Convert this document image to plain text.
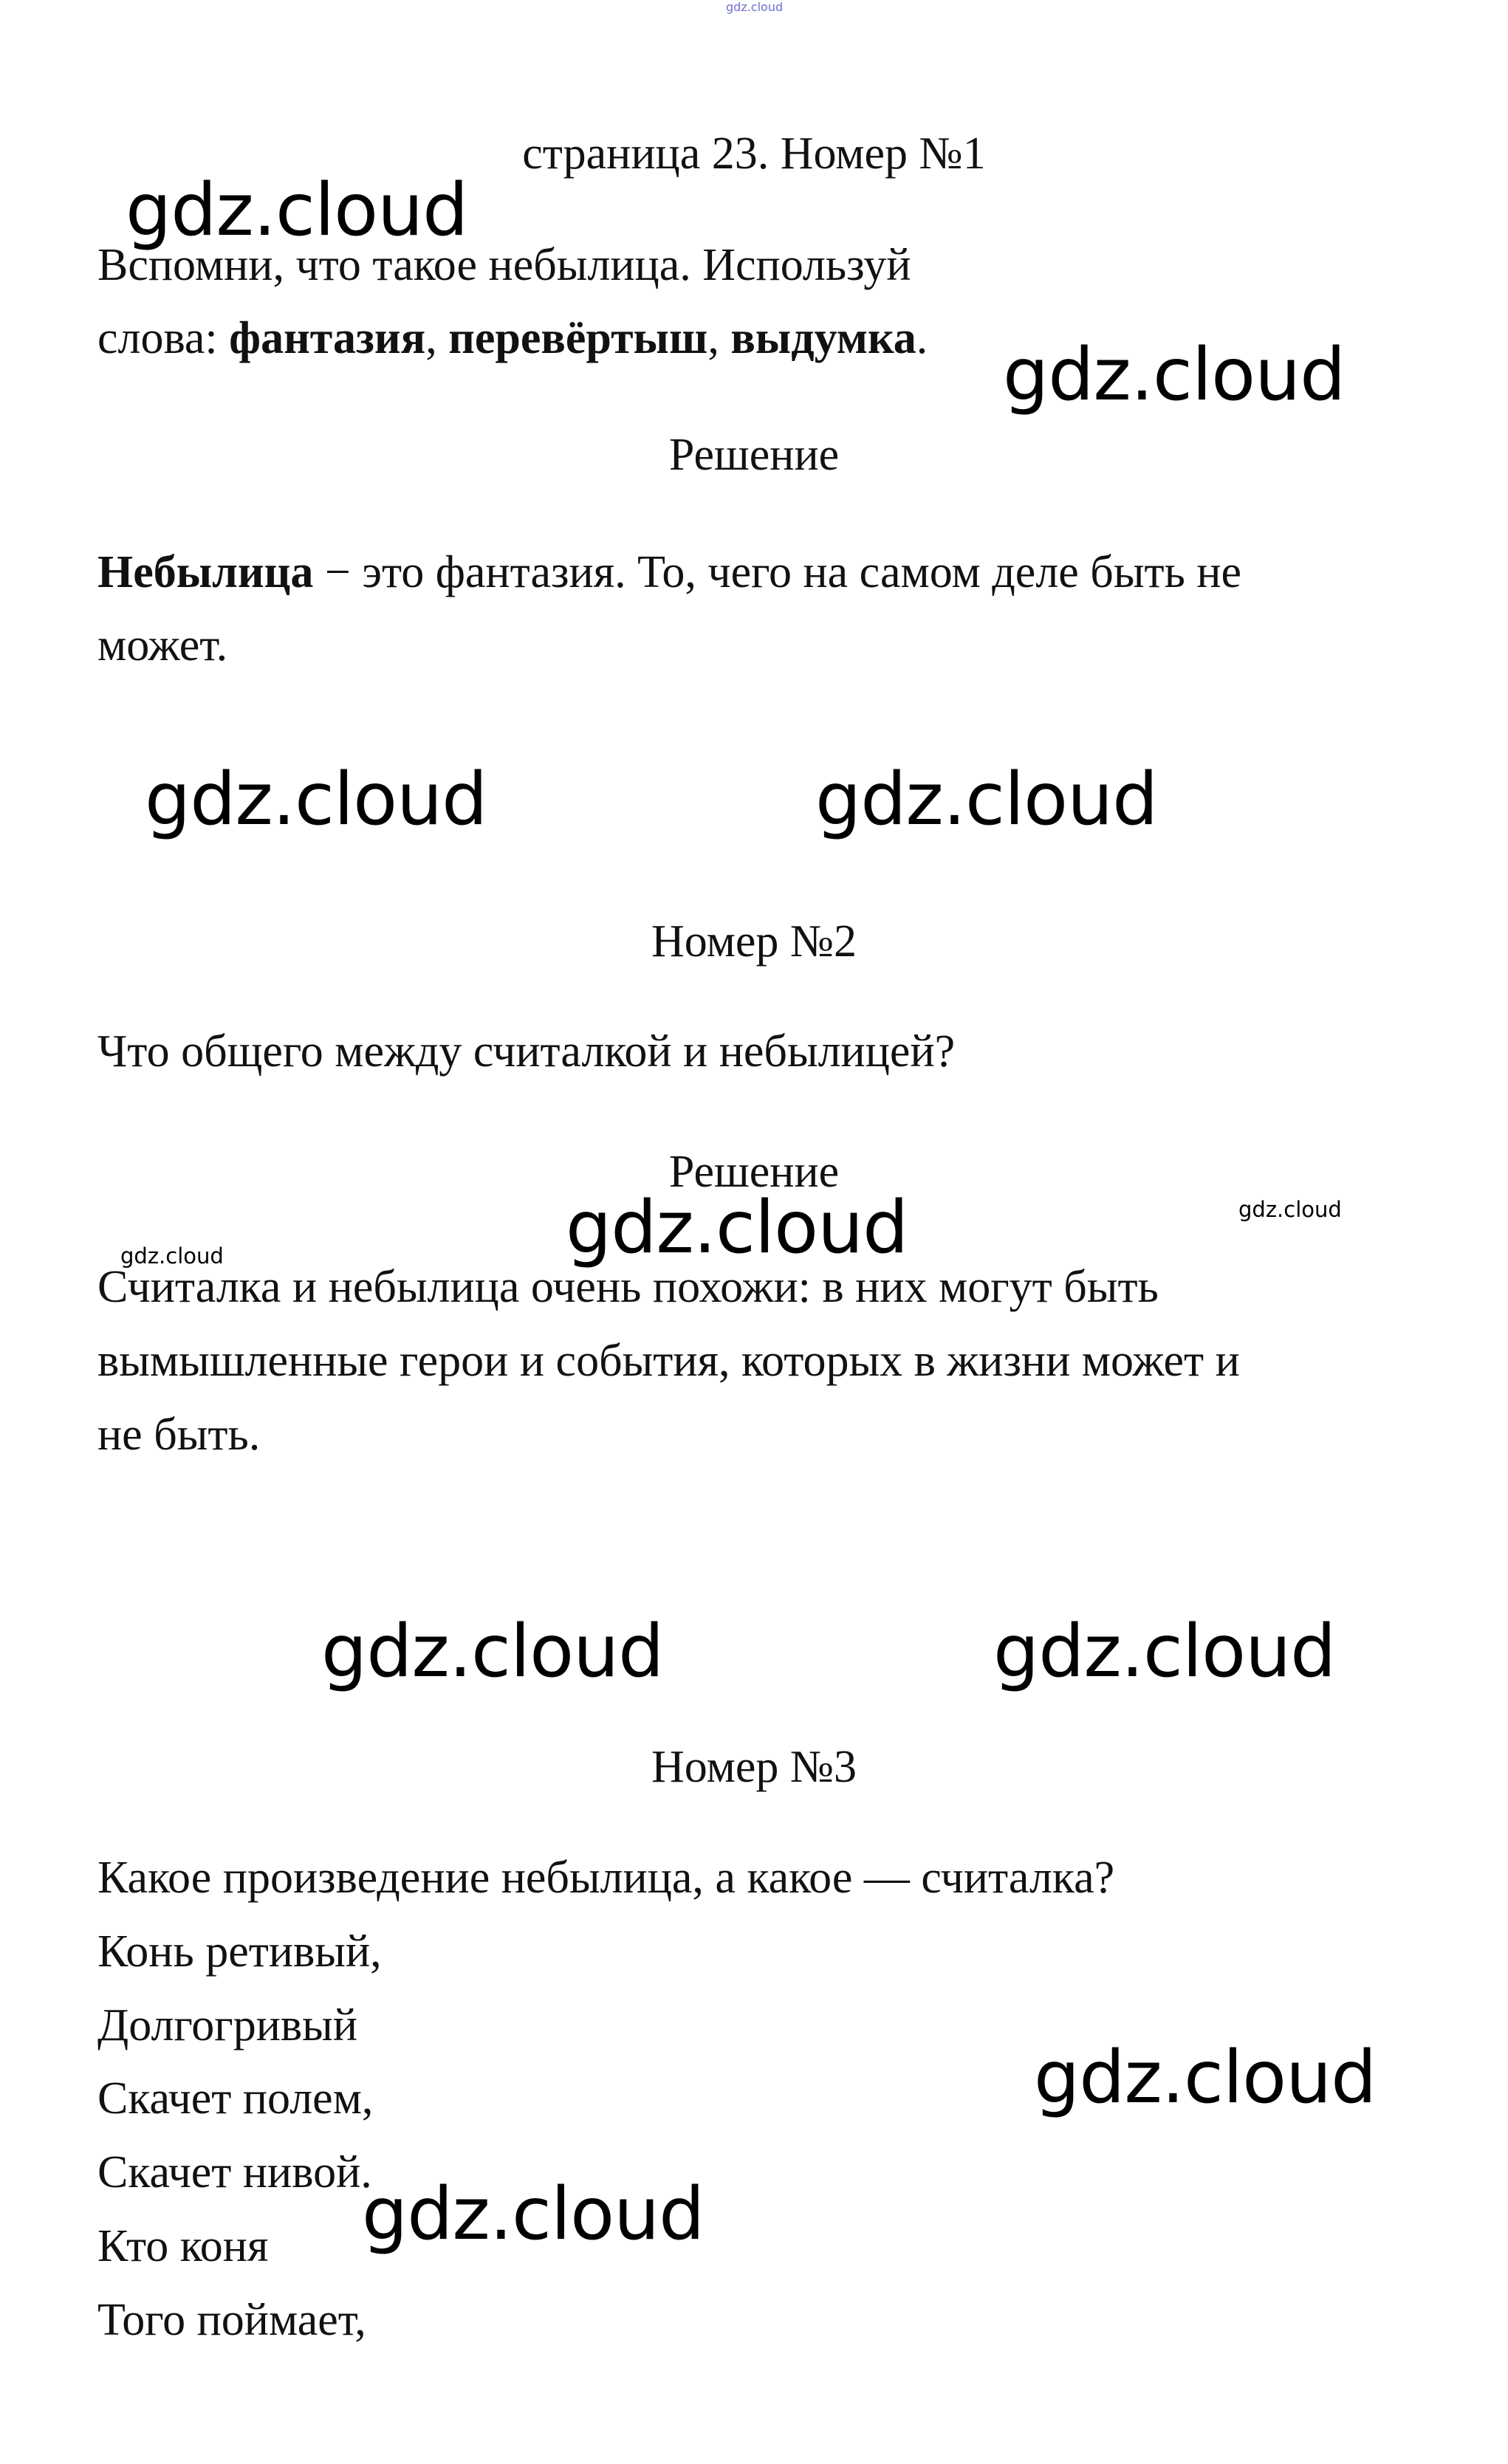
gdz.cloud
страница 23. Номер №1

Вспомни, что такое небылица. Используй

слова: фантазия, перевёртыш, выдумка.

Решение

Небылица − это фантазия. То, чего на самом деле быть не

может.

Номер №2

Что общего между считалкой и небылицей?

Решение

Считалка и небылица очень похожи: в них могут быть

вымышленные герои и события, которых в жизни может и

не быть.

Номер №3

Какое произведение небылица, а какое — считалка?

Конь ретивый,

Долгогривый

Скачет полем,

Скачет нивой.

Кто коня

Того поймает,

gdz.cloud
gdz.cloud
gdz.cloud	gdz.cloud
gdz.cloud	gdz.cloud
gdz.cloud
gdz.cloud	gdz.cloud
gdz.cloud
gdz.cloud
